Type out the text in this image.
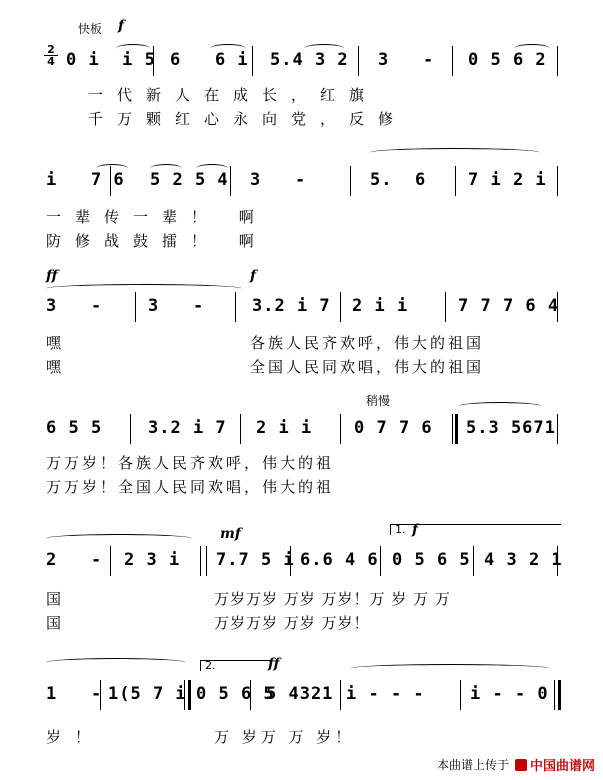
快板 f
2
4 0 i  i 5 6   6 i 5.4 3 2 3   - 0 5 6 2
一代新人在成长，红旗
千万颗红心永向党，反修
i   7 6 5 2 5 4 3   -	5.  6 7 i 2 i
一辈传一辈！ 啊
防修战鼓擂！ 啊
ff	f
3   -	3   -	3.2 i 7 2 i i	7 7 7 6 4
嘿	各族人民齐欢呼，伟大的祖国
嘿	全国人民同欢唱，伟大的祖国
稍慢
6 5 5	3.2 i 7 2 i i 0 7 7 6 5.3 5671
万万岁！各族人民齐欢呼，伟大的祖
万万岁！全国人民同欢唱，伟大的祖
mf	1. f
2   - 2 3 i 7.7 5 i 6.6 4 6 0 5 6 5 4 3 2 1
国	万岁万岁 万岁 万岁！万 岁 万 万
国	万岁万岁 万岁 万岁！
2.	ff
1   - 1(5 7 i 0 5 6 5
5 4321 i - - -	i - - 0
岁！	万 岁万 万 岁！
本曲谱上传于 中国曲谱网
